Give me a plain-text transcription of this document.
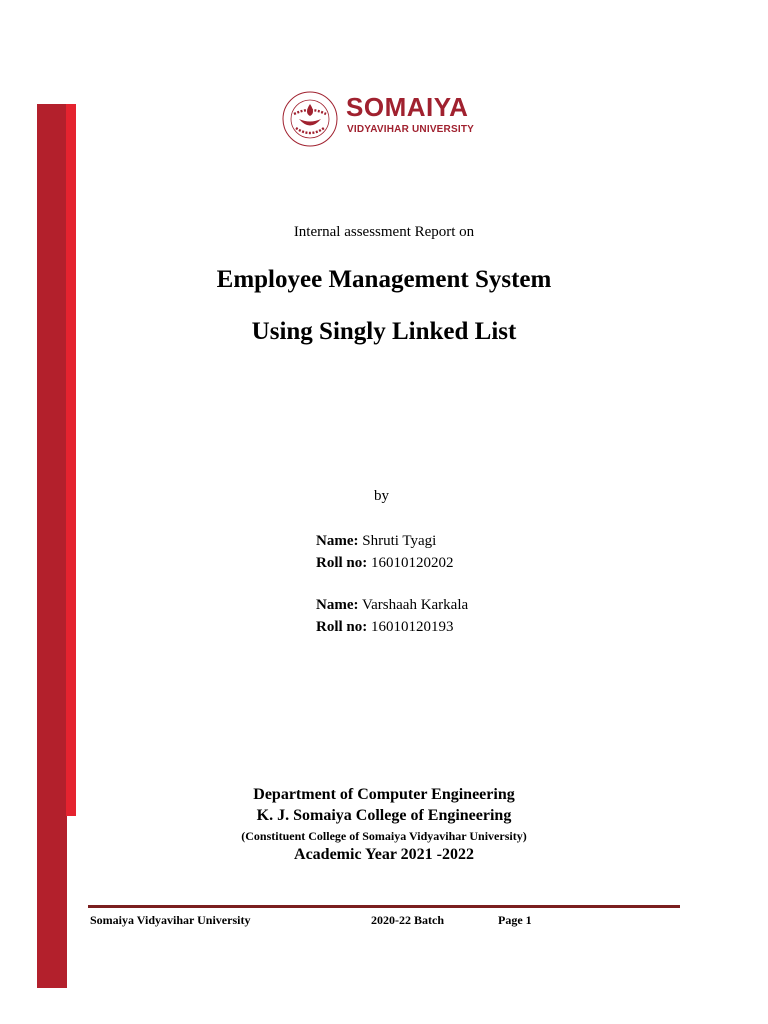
SOMAIYA
VIDYAVIHAR UNIVERSITY
Internal assessment Report on
Employee Management System
Using Singly Linked List
by
Name: Shruti Tyagi
Roll no: 16010120202
Name: Varshaah Karkala
Roll no: 16010120193
Department of Computer Engineering
K. J. Somaiya College of Engineering
(Constituent College of Somaiya Vidyavihar University)
Academic Year 2021 -2022
Somaiya Vidyavihar University	2020-22 Batch	Page 1
